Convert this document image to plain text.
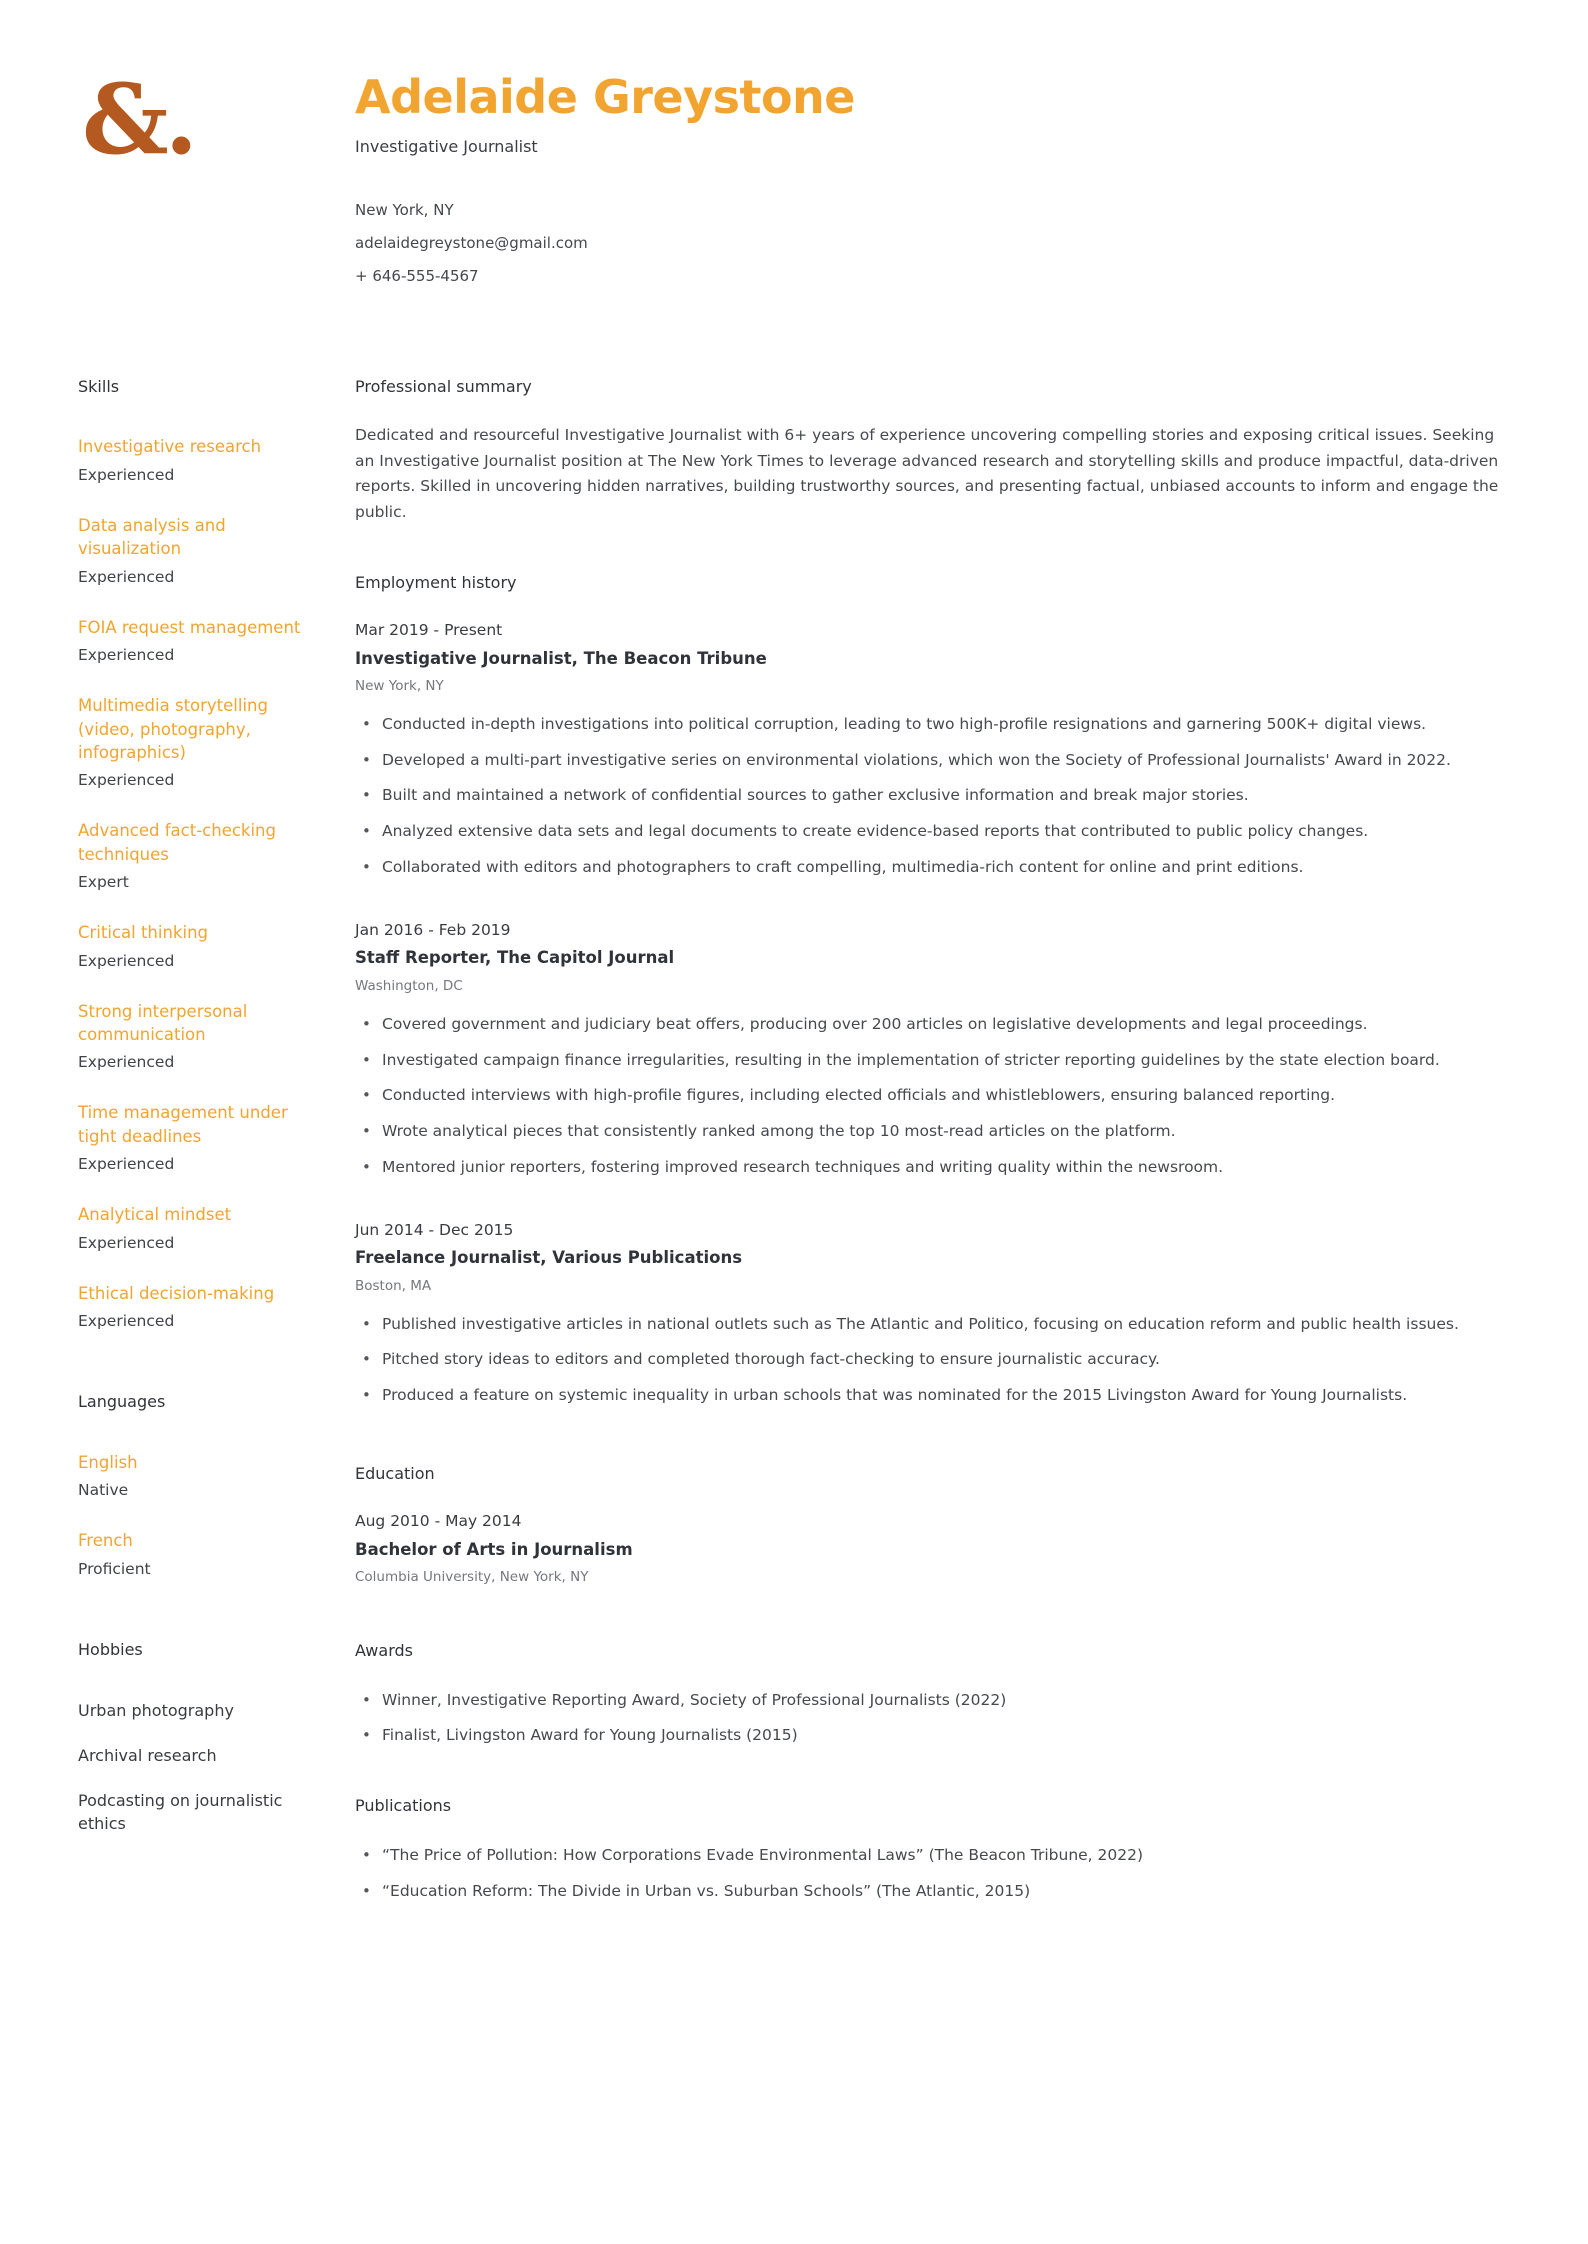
&.	Adelaide Greystone
Investigative Journalist
New York, NY
adelaidegreystone@gmail.com
+ 646-555-4567
Skills
Investigative research
Experienced
Data analysis and visualization
Experienced
FOIA request management
Experienced
Multimedia storytelling (video, photography, infographics)
Experienced
Advanced fact-checking techniques
Expert
Critical thinking
Experienced
Strong interpersonal communication
Experienced
Time management under tight deadlines
Experienced
Analytical mindset
Experienced
Ethical decision-making
Experienced
Languages
English
Native
French
Proficient
Hobbies
Urban photography
Archival research
Podcasting on journalistic ethics
Professional summary

Dedicated and resourceful Investigative Journalist with 6+ years of experience uncovering compelling stories and exposing critical issues. Seeking an Investigative Journalist position at The New York Times to leverage advanced research and storytelling skills and produce impactful, data-driven reports. Skilled in uncovering hidden narratives, building trustworthy sources, and presenting factual, unbiased accounts to inform and engage the public.

Employment history
Mar 2019 - Present
Investigative Journalist, The Beacon Tribune
New York, NY
• Conducted in-depth investigations into political corruption, leading to two high-profile resignations and garnering 500K+ digital views.
• Developed a multi-part investigative series on environmental violations, which won the Society of Professional Journalists' Award in 2022.
• Built and maintained a network of confidential sources to gather exclusive information and break major stories.
• Analyzed extensive data sets and legal documents to create evidence-based reports that contributed to public policy changes.
• Collaborated with editors and photographers to craft compelling, multimedia-rich content for online and print editions.
Jan 2016 - Feb 2019
Staff Reporter, The Capitol Journal
Washington, DC
• Covered government and judiciary beat offers, producing over 200 articles on legislative developments and legal proceedings.
• Investigated campaign finance irregularities, resulting in the implementation of stricter reporting guidelines by the state election board.
• Conducted interviews with high-profile figures, including elected officials and whistleblowers, ensuring balanced reporting.
• Wrote analytical pieces that consistently ranked among the top 10 most-read articles on the platform.
• Mentored junior reporters, fostering improved research techniques and writing quality within the newsroom.
Jun 2014 - Dec 2015
Freelance Journalist, Various Publications
Boston, MA
• Published investigative articles in national outlets such as The Atlantic and Politico, focusing on education reform and public health issues.
• Pitched story ideas to editors and completed thorough fact-checking to ensure journalistic accuracy.
• Produced a feature on systemic inequality in urban schools that was nominated for the 2015 Livingston Award for Young Journalists.
Education
Aug 2010 - May 2014
Bachelor of Arts in Journalism
Columbia University, New York, NY
Awards
• Winner, Investigative Reporting Award, Society of Professional Journalists (2022)
• Finalist, Livingston Award for Young Journalists (2015)
Publications
• “The Price of Pollution: How Corporations Evade Environmental Laws” (The Beacon Tribune, 2022)
• “Education Reform: The Divide in Urban vs. Suburban Schools” (The Atlantic, 2015)
